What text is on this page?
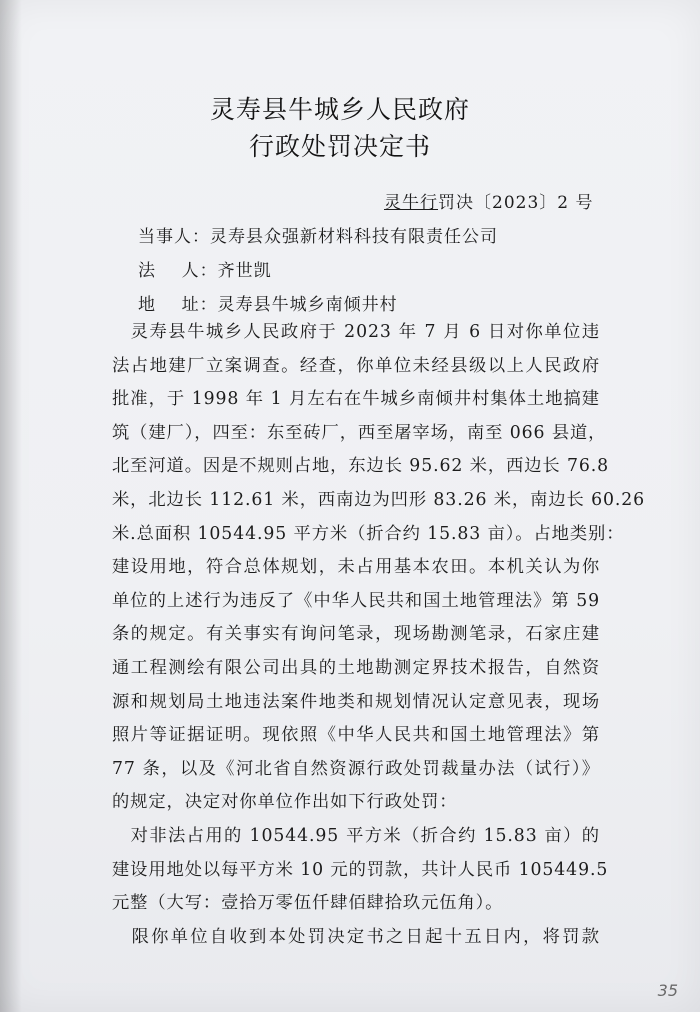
灵寿县牛城乡人民政府
行政处罚决定书
灵牛行罚决〔2023〕2 号
当事人：灵寿县众强新材料科技有限责任公司
法    人：齐世凯
地    址：灵寿县牛城乡南倾井村
　灵寿县牛城乡人民政府于 2023 年 7 月 6 日对你单位违
法占地建厂立案调查。经查，你单位未经县级以上人民政府
批准，于 1998 年 1 月左右在牛城乡南倾井村集体土地搞建
筑（建厂），四至：东至砖厂，西至屠宰场，南至 066 县道，
北至河道。因是不规则占地，东边长 95.62 米，西边长 76.8
米，北边长 112.61 米，西南边为凹形 83.26 米，南边长 60.26
米.总面积 10544.95 平方米（折合约 15.83 亩）。占地类别：
建设用地，符合总体规划，未占用基本农田。本机关认为你
单位的上述行为违反了《中华人民共和国土地管理法》第 59
条的规定。有关事实有询问笔录，现场勘测笔录，石家庄建
通工程测绘有限公司出具的土地勘测定界技术报告，自然资
源和规划局土地违法案件地类和规划情况认定意见表，现场
照片等证据证明。现依照《中华人民共和国土地管理法》第
77 条，以及《河北省自然资源行政处罚裁量办法（试行）》
的规定，决定对你单位作出如下行政处罚：
　对非法占用的 10544.95 平方米（折合约 15.83 亩）的
建设用地处以每平方米 10 元的罚款，共计人民币 105449.5
元整（大写：壹拾万零伍仟肆佰肆拾玖元伍角）。
　限你单位自收到本处罚决定书之日起十五日内，将罚款
35
